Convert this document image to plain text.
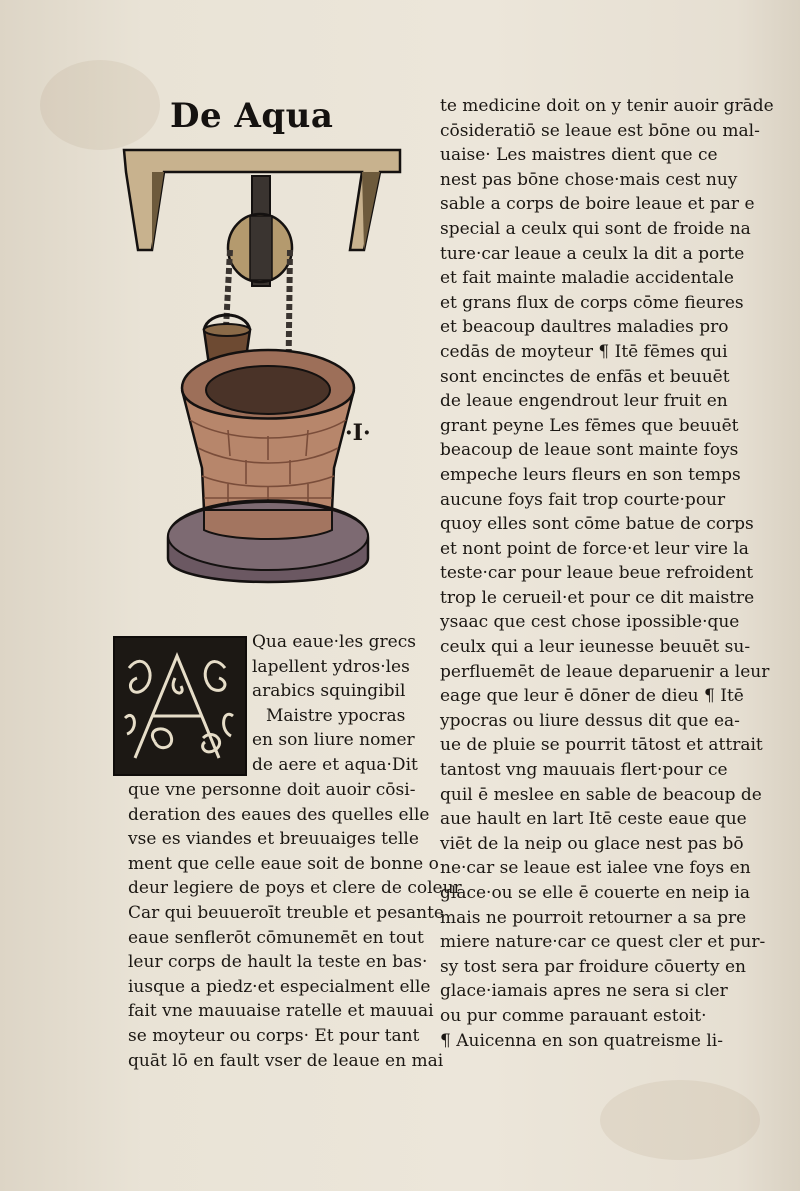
De Aqua
·I·
Qua eaue·les grecs
lapellent ydros·les
arabics squingibil
Maistre ypocras
en son liure nomer
de aere et aqua·Dit
que vne personne doit auoir cōsi-
deration des eaues des quelles elle
vse es viandes et breuuaiges telle
ment que celle eaue soit de bonne o
deur legiere de poys et clere de coleur
Car qui beuueroīt treuble et pesante
eaue senflerōt cōmunemēt en tout
leur corps de hault la teste en bas·
iusque a piedz·et especialment elle
fait vne mauuaise ratelle et mauuai
se moyteur ou corps· Et pour tant
quāt lō en fault vser de leaue en mai
te medicine doit on y tenir auoir grāde
cōsideratiō se leaue est bōne ou mal-
uaise· Les maistres dient que ce
nest pas bōne chose·mais cest nuy
sable a corps de boire leaue et par e
special a ceulx qui sont de froide na
ture·car leaue a ceulx la dit a porte
et fait mainte maladie accidentale
et grans flux de corps cōme fieures
et beacoup daultres maladies pro
cedās de moyteur ¶ Itē fēmes qui
sont encinctes de enfās et beuuēt
de leaue engendrout leur fruit en
grant peyne Les fēmes que beuuēt
beacoup de leaue sont mainte foys
empeche leurs fleurs en son temps
aucune foys fait trop courte·pour
quoy elles sont cōme batue de corps
et nont point de force·et leur vire la
teste·car pour leaue beue refroident
trop le cerueil·et pour ce dit maistre
ysaac que cest chose ipossible·que
ceulx qui a leur ieunesse beuuēt su-
perfluemēt de leaue deparuenir a leur
eage que leur ē dōner de dieu ¶ Itē
ypocras ou liure dessus dit que ea-
ue de pluie se pourrit tātost et attrait
tantost vng mauuais flert·pour ce
quil ē meslee en sable de beacoup de
aue hault en lart Itē ceste eaue que
viēt de la neip ou glace nest pas bō
ne·car se leaue est ialee vne foys en
glace·ou se elle ē couerte en neip ia
mais ne pourroit retourner a sa pre
miere nature·car ce quest cler et pur-
sy tost sera par froidure cōuerty en
glace·iamais apres ne sera si cler
ou pur comme parauant estoit·
¶ Auicenna en son quatreisme li-
